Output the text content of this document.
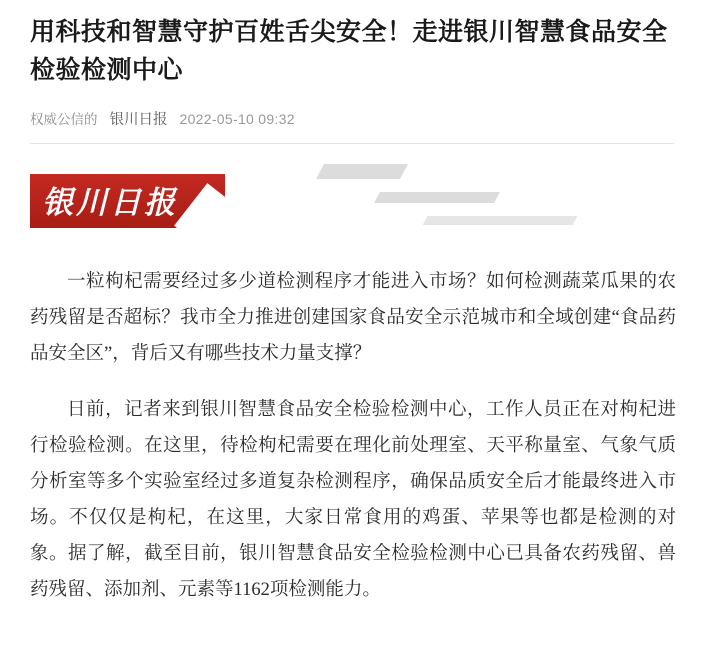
用科技和智慧守护百姓舌尖安全！走进银川智慧食品安全检验检测中心
权威公信的 银川日报 2022-05-10 09:32
银川日报

一粒枸杞需要经过多少道检测程序才能进入市场？如何检测蔬菜瓜果的农药残留是否超标？我市全力推进创建国家食品安全示范城市和全域创建“食品药品安全区”，背后又有哪些技术力量支撑？

日前，记者来到银川智慧食品安全检验检测中心，工作人员正在对枸杞进行检验检测。在这里，待检枸杞需要在理化前处理室、天平称量室、气象气质分析室等多个实验室经过多道复杂检测程序，确保品质安全后才能最终进入市场。不仅仅是枸杞，在这里，大家日常食用的鸡蛋、苹果等也都是检测的对象。据了解，截至目前，银川智慧食品安全检验检测中心已具备农药残留、兽药残留、添加剂、元素等1162项检测能力。
